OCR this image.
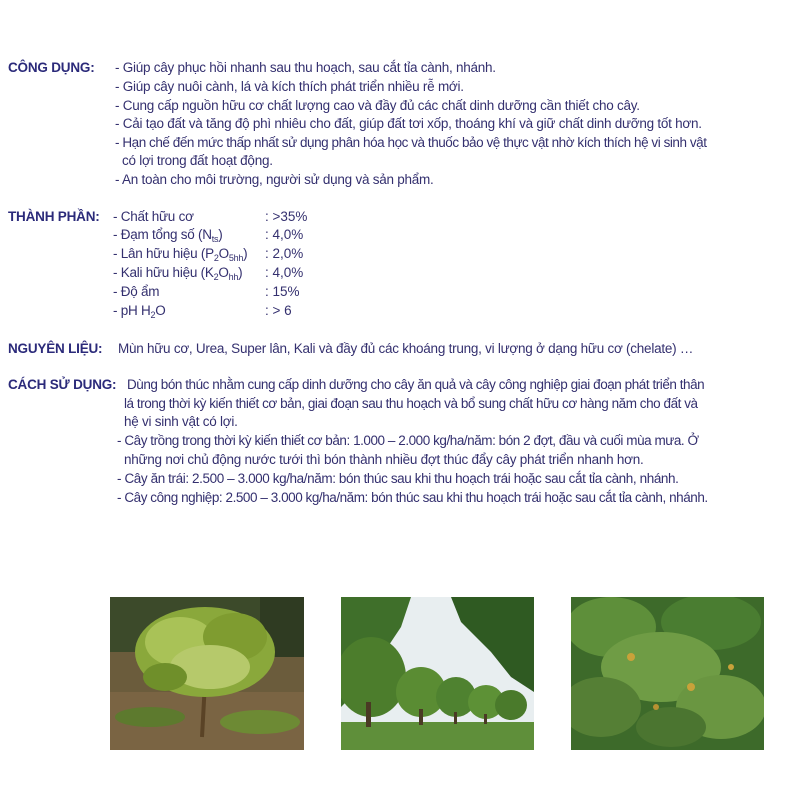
CÔNG DỤNG: - Giúp cây phục hồi nhanh sau thu hoạch, sau cắt tỉa cành, nhánh.
- Giúp cây nuôi cành, lá và kích thích phát triển nhiều rễ mới.
- Cung cấp nguồn hữu cơ chất lượng cao và đầy đủ các chất dinh dưỡng cần thiết cho cây.
- Cải tạo đất và tăng độ phì nhiêu cho đất, giúp đất tơi xốp, thoáng khí và giữ chất dinh dưỡng tốt hơn.
- Hạn chế đến mức thấp nhất sử dụng phân hóa học và thuốc bảo vệ thực vật nhờ kích thích hệ vi sinh vật
có lợi trong đất hoạt động.
- An toàn cho môi trường, người sử dụng và sản phẩm.
THÀNH PHẦN: - Chất hữu cơ	: >35%
- Đạm tổng số $(N_{ts})$	: 4,0%
- Lân hữu hiệu $(P_2O_{5hh})$ : 2,0%
- Kali hữu hiệu $(K_2O_{hh})$ : 4,0%
- Độ ẩm	: 15%
- pH $H_2O$	: > 6
NGUYÊN LIỆU: Mùn hữu cơ, Urea, Super lân, Kali và đầy đủ các khoáng trung, vi lượng ở dạng hữu cơ (chelate) …
CÁCH SỬ DỤNG: Dùng bón thúc nhằm cung cấp dinh dưỡng cho cây ăn quả và cây công nghiệp giai đoạn phát triển thân
lá trong thời kỳ kiến thiết cơ bản, giai đoạn sau thu hoạch và bổ sung chất hữu cơ hàng năm cho đất và
hệ vi sinh vật có lợi.
- Cây trồng trong thời kỳ kiến thiết cơ bản: 1.000 – 2.000 kg/ha/năm: bón 2 đợt, đầu và cuối mùa mưa. Ở
những nơi chủ động nước tưới thì bón thành nhiều đợt thúc đẩy cây phát triển nhanh hơn.
- Cây ăn trái: 2.500 – 3.000 kg/ha/năm: bón thúc sau khi thu hoạch trái hoặc sau cắt tỉa cành, nhánh.
- Cây công nghiệp: 2.500 – 3.000 kg/ha/năm: bón thúc sau khi thu hoạch trái hoặc sau cắt tỉa cành, nhánh.
